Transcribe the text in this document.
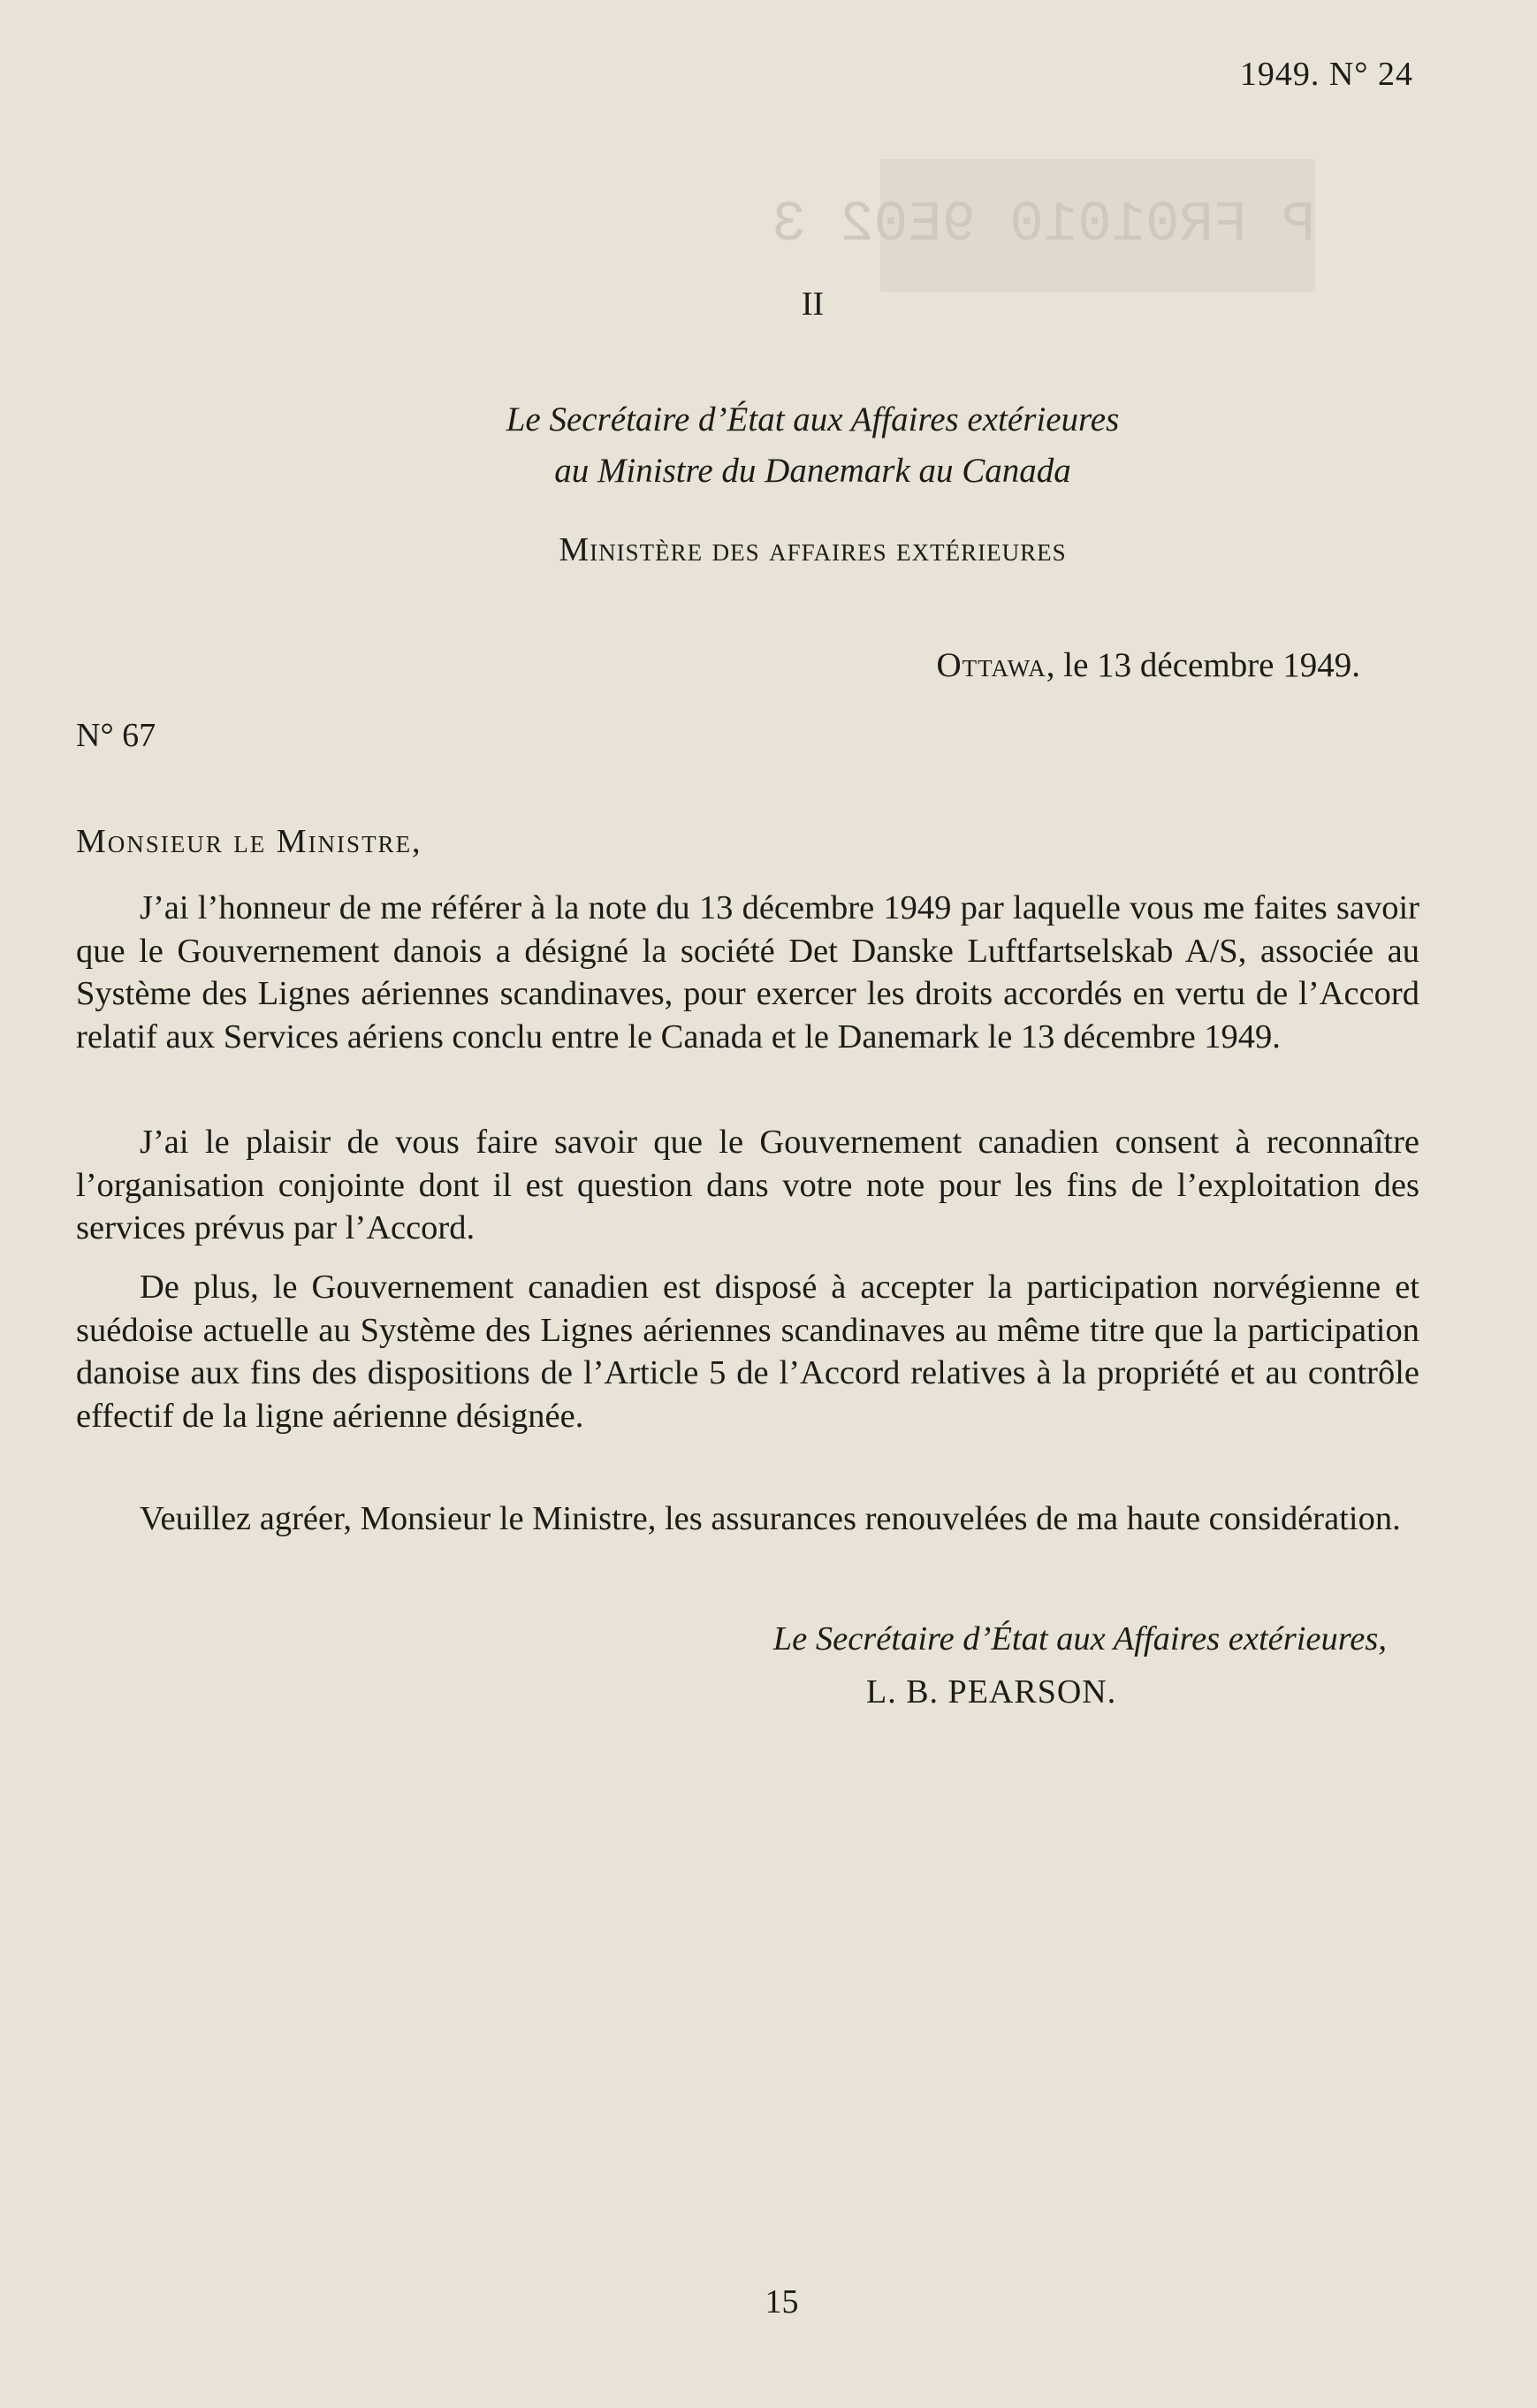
1949. N° 24
P FR01010 9E02 3
II
Le Secrétaire d’État aux Affaires extérieures
au Ministre du Danemark au Canada
Ministère des affaires extérieures
Ottawa, le 13 décembre 1949.
N° 67
Monsieur le Ministre,

J’ai l’honneur de me référer à la note du 13 décembre 1949 par laquelle vous me faites savoir que le Gouvernement danois a désigné la société Det Danske Luftfartselskab A/S, associée au Système des Lignes aériennes scandinaves, pour exercer les droits accordés en vertu de l’Accord relatif aux Services aériens conclu entre le Canada et le Danemark le 13 décembre 1949.

J’ai le plaisir de vous faire savoir que le Gouvernement canadien consent à reconnaître l’organisation conjointe dont il est question dans votre note pour les fins de l’exploitation des services prévus par l’Accord.

De plus, le Gouvernement canadien est disposé à accepter la participation norvégienne et suédoise actuelle au Système des Lignes aériennes scandinaves au même titre que la participation danoise aux fins des dispositions de l’Article 5 de l’Accord relatives à la propriété et au contrôle effectif de la ligne aérienne désignée.

Veuillez agréer, Monsieur le Ministre, les assurances renouvelées de ma haute considération.

Le Secrétaire d’État aux Affaires extérieures,
L. B. PEARSON.
15
